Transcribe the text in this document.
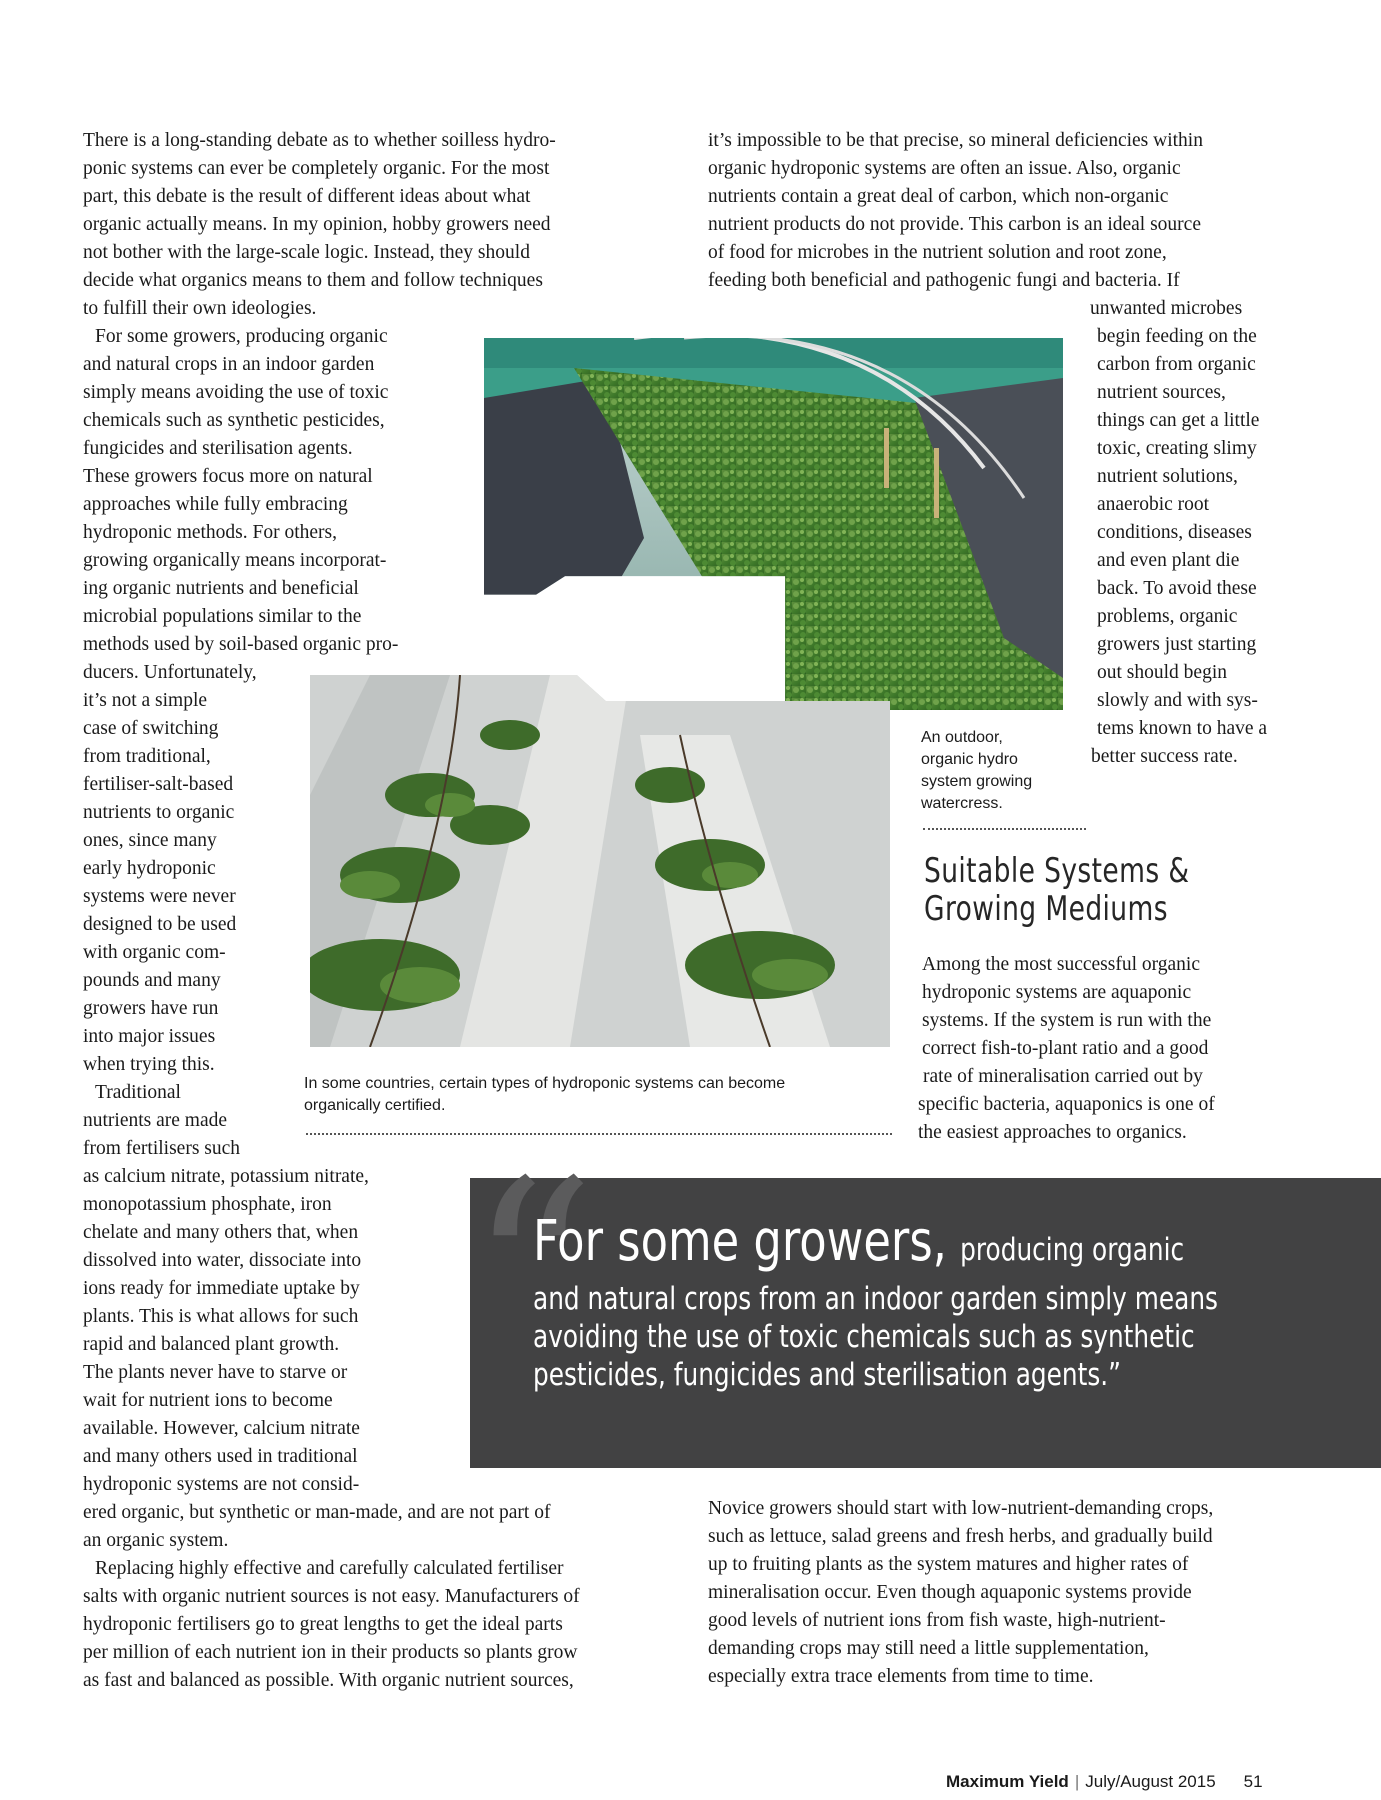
There is a long-standing debate as to whether soilless hydro-
ponic systems can ever be completely organic. For the most
part, this debate is the result of different ideas about what
organic actually means. In my opinion, hobby growers need
not bother with the large-scale logic. Instead, they should
decide what organics means to them and follow techniques
to fulfill their own ideologies.
For some growers, producing organic
and natural crops in an indoor garden
simply means avoiding the use of toxic
chemicals such as synthetic pesticides,
fungicides and sterilisation agents.
These growers focus more on natural
approaches while fully embracing
hydroponic methods. For others,
growing organically means incorporat-
ing organic nutrients and beneficial
microbial populations similar to the
methods used by soil-based organic pro-
ducers. Unfortunately,
it’s not a simple
case of switching
from traditional,
fertiliser-salt-based
nutrients to organic
ones, since many
early hydroponic
systems were never
designed to be used
with organic com-
pounds and many
growers have run
into major issues
when trying this.
Traditional
nutrients are made
from fertilisers such
as calcium nitrate, potassium nitrate,
monopotassium phosphate, iron
chelate and many others that, when
dissolved into water, dissociate into
ions ready for immediate uptake by
plants. This is what allows for such
rapid and balanced plant growth.
The plants never have to starve or
wait for nutrient ions to become
available. However, calcium nitrate
and many others used in traditional
hydroponic systems are not consid-
ered organic, but synthetic or man-made, and are not part of
an organic system.
Replacing highly effective and carefully calculated fertiliser
salts with organic nutrient sources is not easy. Manufacturers of
hydroponic fertilisers go to great lengths to get the ideal parts
per million of each nutrient ion in their products so plants grow
as fast and balanced as possible. With organic nutrient sources,
it’s impossible to be that precise, so mineral deficiencies within
organic hydroponic systems are often an issue. Also, organic
nutrients contain a great deal of carbon, which non-organic
nutrient products do not provide. This carbon is an ideal source
of food for microbes in the nutrient solution and root zone,
feeding both beneficial and pathogenic fungi and bacteria. If
unwanted microbes
begin feeding on the
carbon from organic
nutrient sources,
things can get a little
toxic, creating slimy
nutrient solutions,
anaerobic root
conditions, diseases
and even plant die
back. To avoid these
problems, organic
growers just starting
out should begin
slowly and with sys-
tems known to have a
better success rate.
An outdoor,
organic hydro
system growing
watercress.
In some countries, certain types of hydroponic systems can become
organically certified.
Suitable Systems &
Growing Mediums
Among the most successful organic
hydroponic systems are aquaponic
systems. If the system is run with the
correct fish-to-plant ratio and a good
rate of mineralisation carried out by
specific bacteria, aquaponics is one of
the easiest approaches to organics.
“
For some growers, producing organic
and natural crops from an indoor garden simply means
avoiding the use of toxic chemicals such as synthetic
pesticides, fungicides and sterilisation agents.”
Novice growers should start with low-nutrient-demanding crops,
such as lettuce, salad greens and fresh herbs, and gradually build
up to fruiting plants as the system matures and higher rates of
mineralisation occur. Even though aquaponic systems provide
good levels of nutrient ions from fish waste, high-nutrient-
demanding crops may still need a little supplementation,
especially extra trace elements from time to time.
Maximum Yield | July/August 2015 51
